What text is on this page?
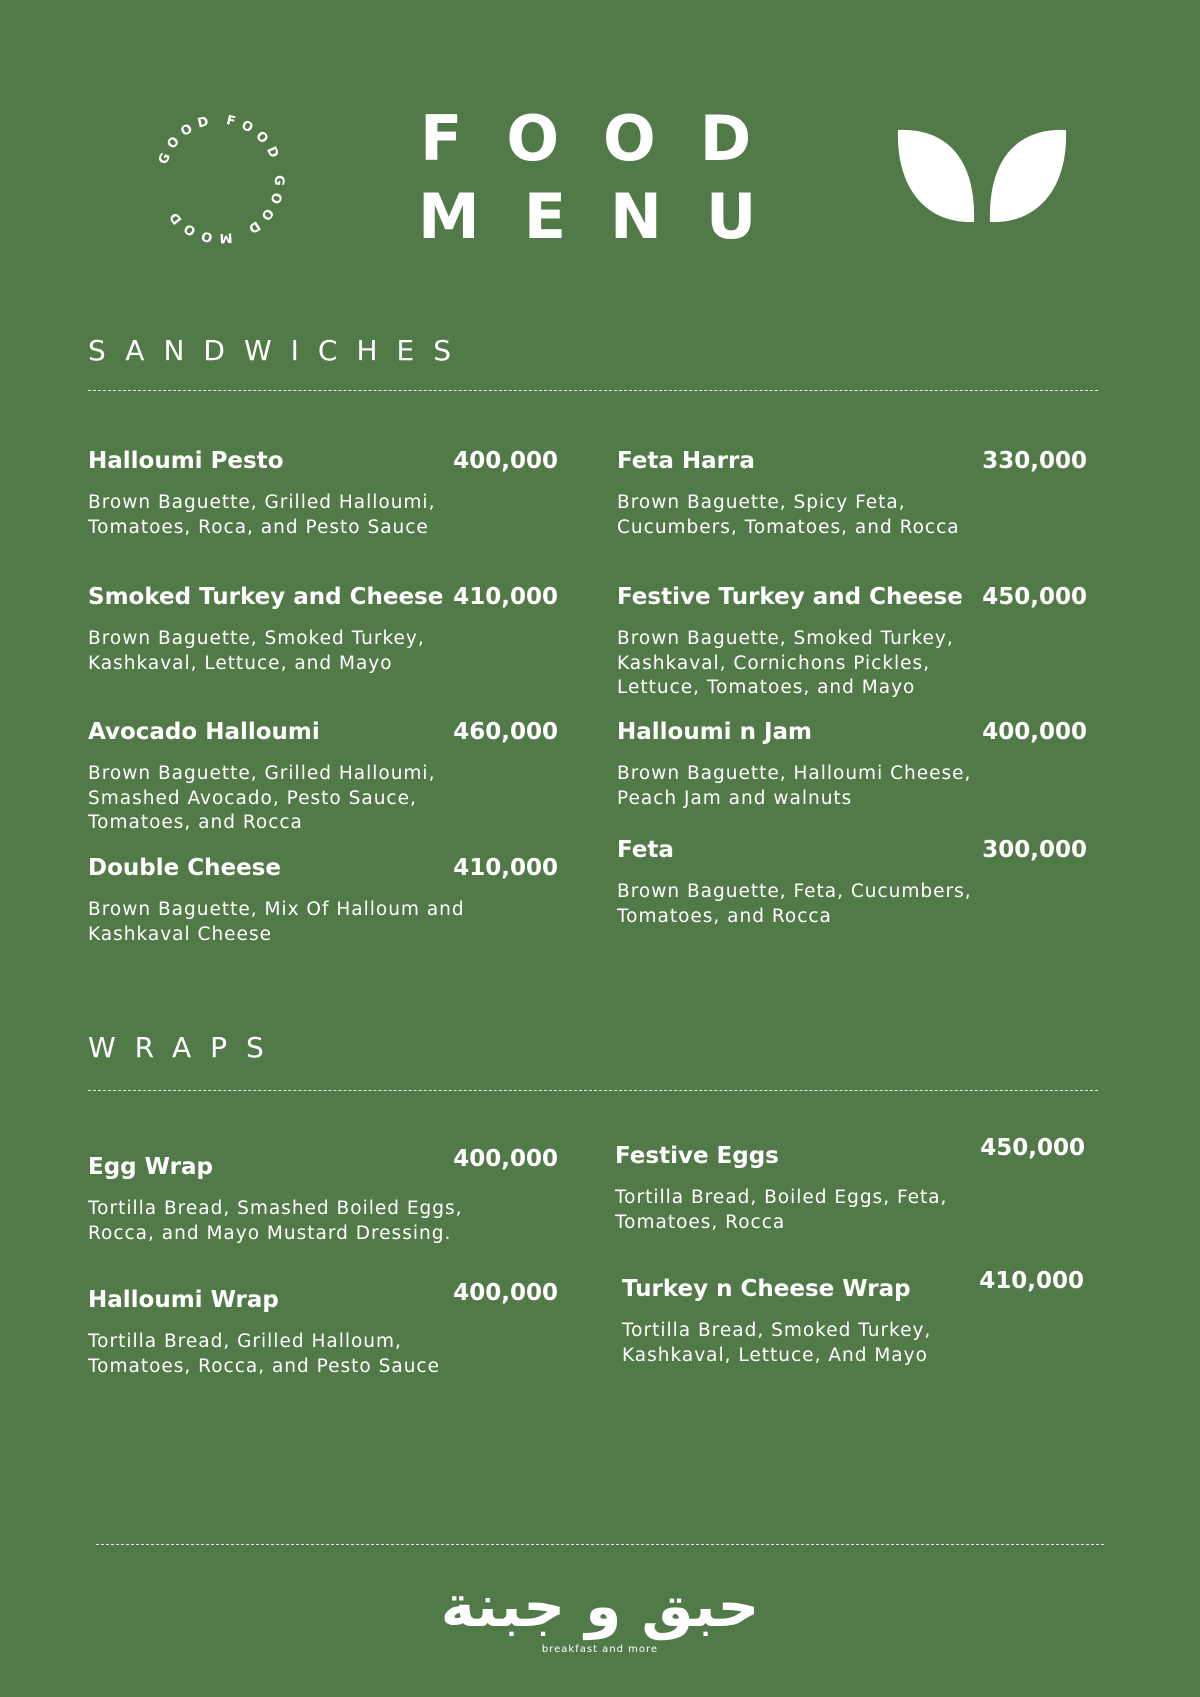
GOOD FOOD GOOD MOOD
FOOD
MENU
SANDWICHES
Halloumi Pesto	400,000
Brown Baguette, Grilled Halloumi, Tomatoes, Roca, and Pesto Sauce
Smoked Turkey and Cheese 410,000
Brown Baguette, Smoked Turkey, Kashkaval, Lettuce, and Mayo
Avocado Halloumi	460,000
Brown Baguette, Grilled Halloumi, Smashed Avocado, Pesto Sauce, Tomatoes, and Rocca
Double Cheese	410,000
Brown Baguette, Mix Of Halloum and Kashkaval Cheese
Feta Harra	330,000
Brown Baguette, Spicy Feta, Cucumbers, Tomatoes, and Rocca
Festive Turkey and Cheese 450,000
Brown Baguette, Smoked Turkey, Kashkaval, Cornichons Pickles, Lettuce, Tomatoes, and Mayo
Halloumi n Jam	400,000
Brown Baguette, Halloumi Cheese, Peach Jam and walnuts
Feta	300,000
Brown Baguette, Feta, Cucumbers, Tomatoes, and Rocca
WRAPS
Egg Wrap	400,000
Tortilla Bread, Smashed Boiled Eggs, Rocca, and Mayo Mustard Dressing.
Halloumi Wrap	400,000
Tortilla Bread, Grilled Halloum, Tomatoes, Rocca, and Pesto Sauce
Festive Eggs	450,000
Tortilla Bread, Boiled Eggs, Feta, Tomatoes, Rocca
Turkey n Cheese Wrap	410,000
Tortilla Bread, Smoked Turkey, Kashkaval, Lettuce, And Mayo
حبق و جبنة
breakfast and more
